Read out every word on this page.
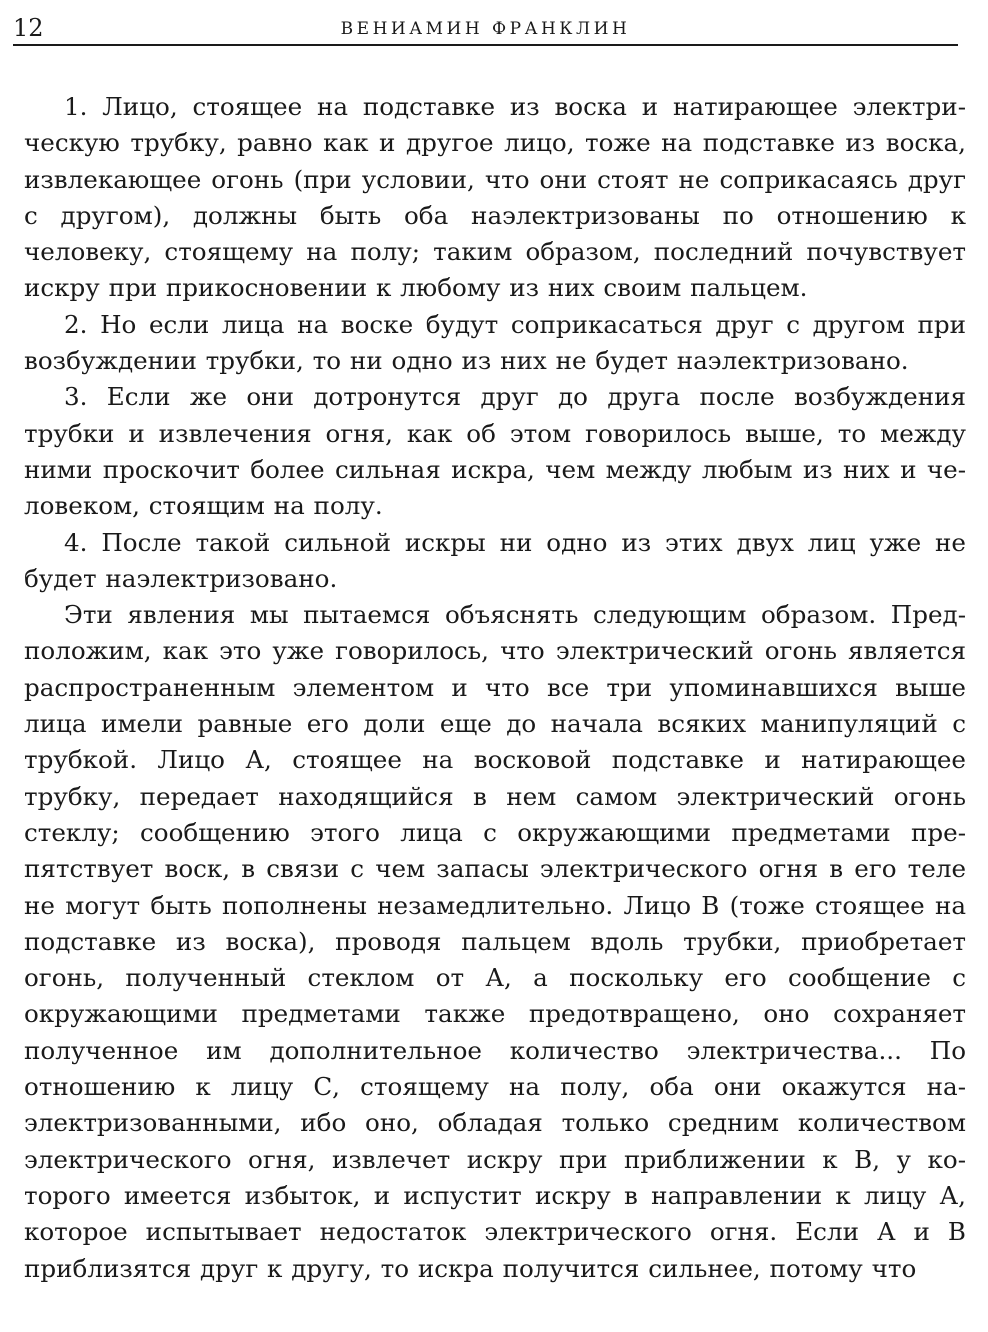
12	ВЕНИАМИН ФРАНКЛИН

1. Лицо, стоящее на подставке из воска и натирающее электрическую трубку, равно как и другое лицо, тоже на подставке из воска, извлекающее огонь (при условии, что они стоят не соприкасаясь друг с другом), должны быть оба наэлектризованы по отношению к человеку, стоящему на полу; таким образом, последний почувствует искру при прикосновении к любому из них своим пальцем.

2. Но если лица на воске будут соприкасаться друг с другом при возбуждении трубки, то ни одно из них не будет наэлектризовано.

3. Если же они дотронутся друг до друга после возбуждения трубки и извлечения огня, как об этом говорилось выше, то между ними проскочит более сильная искра, чем между любым из них и человеком, стоящим на полу.

4. После такой сильной искры ни одно из этих двух лиц уже не будет наэлектризовано.

Эти явления мы пытаемся объяснять следующим образом. Предположим, как это уже говорилось, что электрический огонь является распространенным элементом и что все три упоминавшихся выше лица имели равные его доли еще до начала всяких манипуляций с трубкой. Лицо А, стоящее на восковой подставке и натирающее трубку, передает находящийся в нем самом электрический огонь стеклу; сообщению этого лица с окружающими предметами препятствует воск, в связи с чем запасы электрического огня в его теле не могут быть пополнены незамедлительно. Лицо В (тоже стоящее на подставке из воска), проводя пальцем вдоль трубки, приобретает огонь, полученный стеклом от А, а поскольку его сообщение с окружающими предметами также предотвращено, оно сохраняет полученное им дополнительное количество электричества... По отношению к лицу С, стоящему на полу, оба они окажутся наэлектризованными, ибо оно, обладая только средним количеством электрического огня, извлечет искру при приближении к В, у которого имеется избыток, и испустит искру в направлении к лицу А, которое испытывает недостаток электрического огня. Если А и В приблизятся друг к другу, то искра получится сильнее, потому что
